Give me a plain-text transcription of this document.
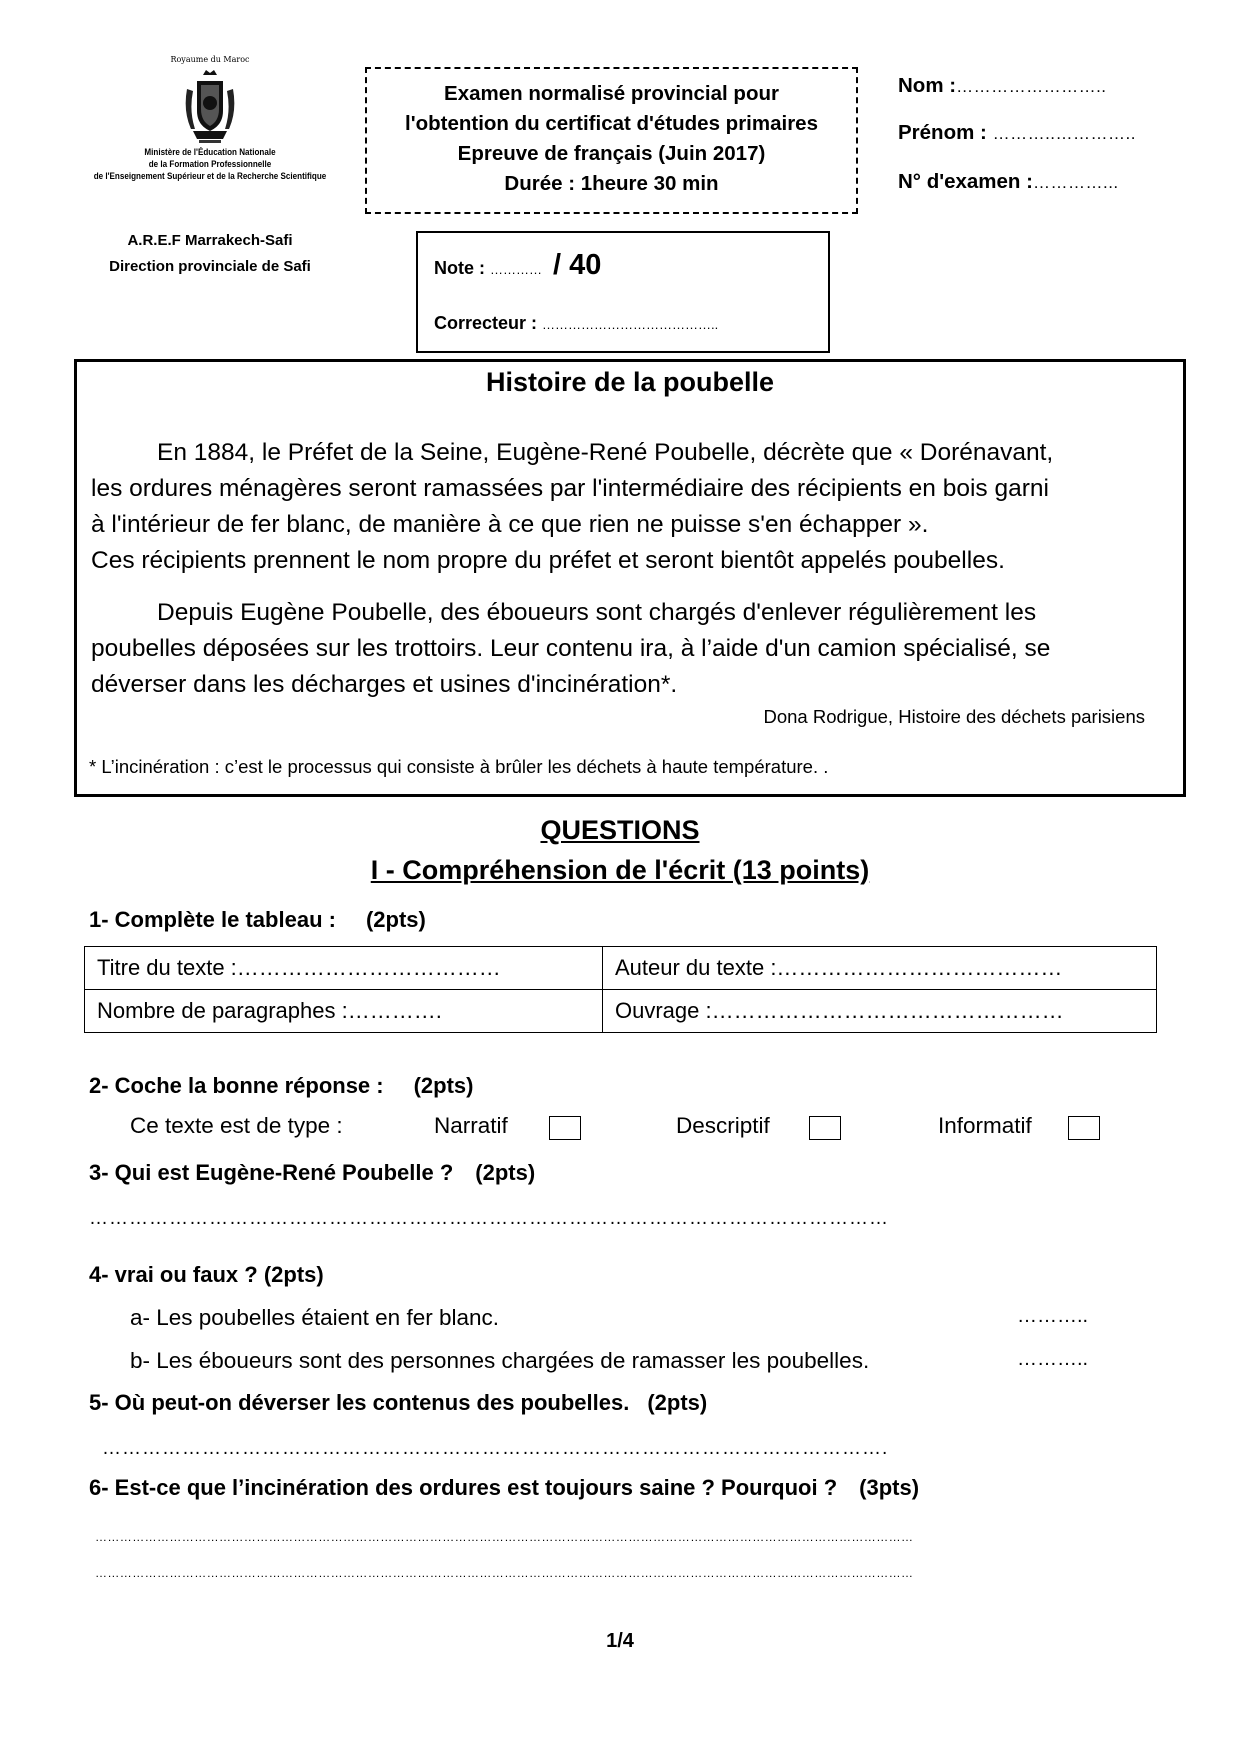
Royaume du Maroc
Ministère de l'Éducation Nationale
de la Formation Professionnelle
de l'Enseignement Supérieur et de la Recherche Scientifique
A.R.E.F Marrakech-Safi
Direction provinciale de Safi
Examen normalisé provincial pour
l'obtention du certificat d'études primaires
Epreuve de français (Juin 2017)
Durée : 1heure 30 min
Nom :……………………..
Prénom : ………..…………..
N° d'examen :…………...
Note : ………… / 40
Correcteur : …………………………………..
Histoire de la poubelle
En 1884, le Préfet de la Seine, Eugène-René Poubelle, décrète que « Dorénavant,
les ordures ménagères seront ramassées par l'intermédiaire des récipients en bois garni
à l'intérieur de fer blanc, de manière à ce que rien ne puisse s'en échapper ».
Ces récipients prennent le nom propre du préfet et seront bientôt appelés poubelles.
Depuis Eugène Poubelle, des éboueurs sont chargés d'enlever régulièrement les
poubelles déposées sur les trottoirs. Leur contenu ira, à l’aide d'un camion spécialisé, se
déverser dans les décharges et usines d'incinération*.
Dona Rodrigue, Histoire des déchets parisiens
* L’incinération : c’est le processus qui consiste à brûler les déchets à haute température. .
QUESTIONS
I - Compréhension de l'écrit (13 points)
1- Complète le tableau : (2pts)
Titre du texte :………………………………	Auteur du texte :…………………………………
Nombre de paragraphes :………….	Ouvrage :…………………………………………
2- Coche la bonne réponse : (2pts)
Ce texte est de type :	Narratif	Descriptif	Informatif
3- Qui est Eugène-René Poubelle ? (2pts)
…………………………………………………………………………………………………………
4- vrai ou faux ? (2pts)
a- Les poubelles étaient en fer blanc.	………..
b- Les éboueurs sont des personnes chargées de ramasser les poubelles.	………..
5- Où peut-on déverser les contenus des poubelles. (2pts)
……………………………………………………………………………………………………….
6- Est-ce que l’incinération des ordures est toujours saine ? Pourquoi ? (3pts)
………………………………………………………………………………………………………………………………………………………………………………
………………………………………………………………………………………………………………………………………………………………………………
1/4
